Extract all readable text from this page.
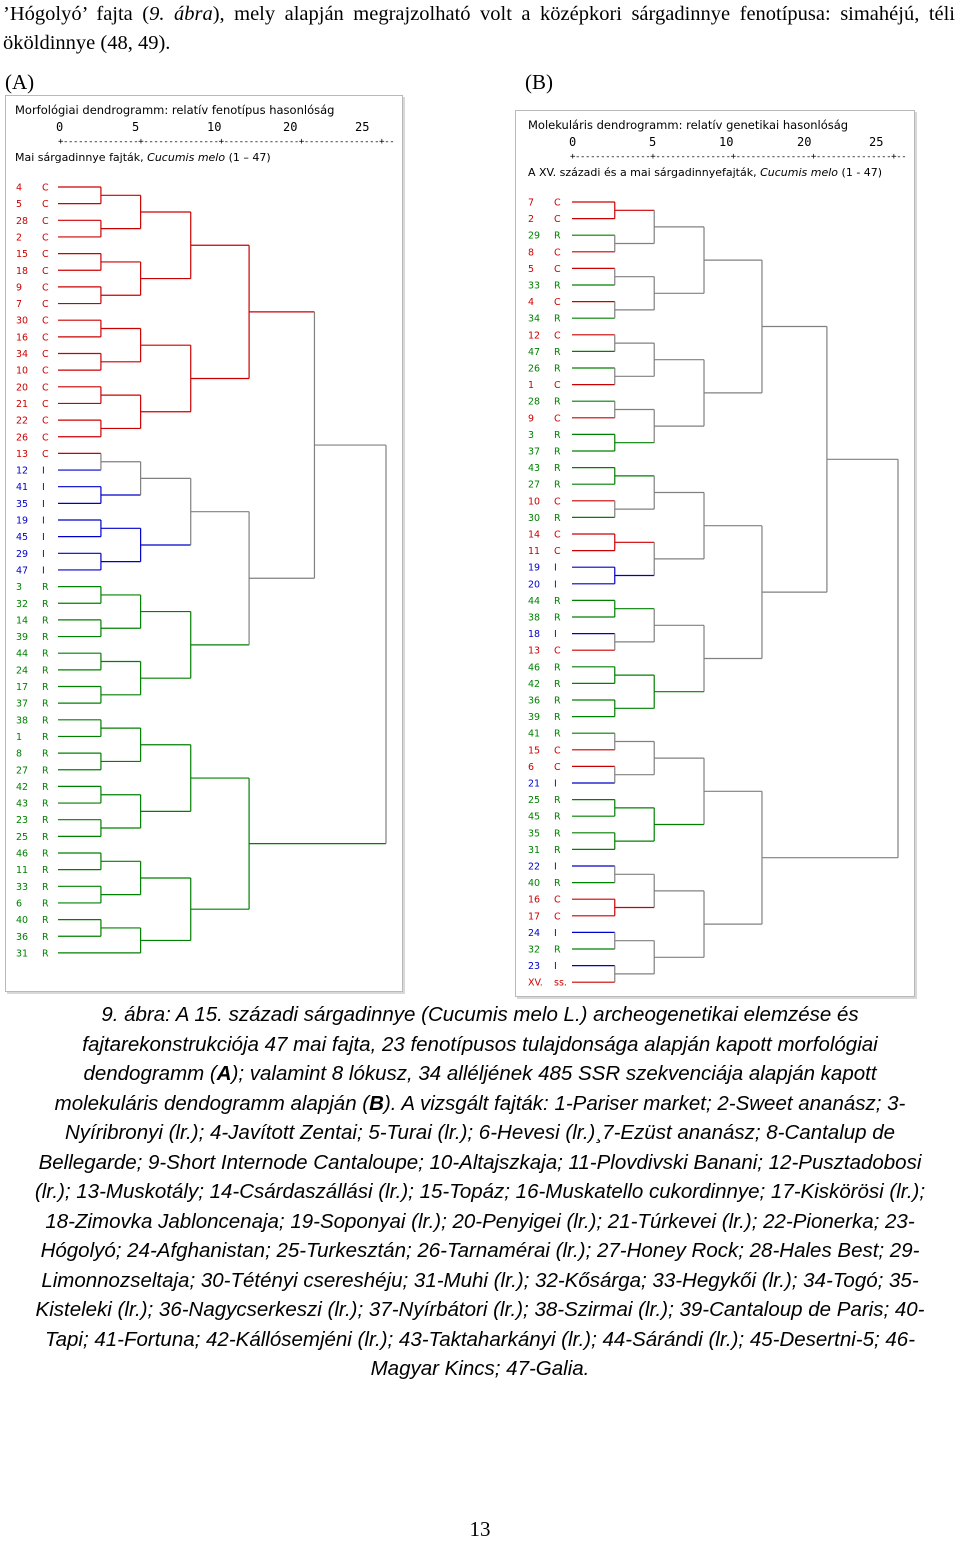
’Hógolyó’ fajta (9. ábra), mely alapján megrajzolható volt a középkori sárgadinnye fenotípusa: simahéjú, téli ököldinnye (48, 49).

(A)	(B)
Morfológiai dendrogramm: relatív fenotípus hasonlóság
0	5	10	20	25
+---------------+---------------+---------------+---------------+--
Mai sárgadinnye fajták, Cucumis melo (1 – 47)
4 C
5 C
28 C
2 C
15 C
18 C
9 C
7 C
30 C
16 C
34 C
10 C
20 C
21 C
22 C
26 C
13 C
12 I
41 I
35 I
19 I
45 I
29 I
47 I
3 R
32 R
14 R
39 R
44 R
24 R
17 R
37 R
38 R
1 R
8 R
27 R
42 R
43 R
23 R
25 R
46 R
11 R
33 R
6 R
40 R
36 R
31 R
Molekuláris dendrogramm: relatív genetikai hasonlóság
0	5	10	20	25
+---------------+---------------+---------------+---------------+--
A XV. századi és a mai sárgadinnyefajták, Cucumis melo (1 - 47)
7 C
2 C
29 R
8 C
5 C
33 R
4 C
34 R
12 C
47 R
26 R
1 C
28 R
9 C
3 R
37 R
43 R
27 R
10 C
30 R
14 C
11 C
19 I
20 I
44 R
38 R
18 I
13 C
46 R
42 R
36 R
39 R
41 R
15 C
6 C
21 I
25 R
45 R
35 R
31 R
22 I
40 R
16 C
17 C
24 I
32 R
23 I
XV. ss.

9. ábra: A 15. századi sárgadinnye (Cucumis melo L.) archeogenetikai elemzése és fajtarekonstrukciója 47 mai fajta, 23 fenotípusos tulajdonsága alapján kapott morfológiai dendogramm (A); valamint 8 lókusz, 34 alléljének 485 SSR szekvenciája alapján kapott molekuláris dendogramm alapján (B). A vizsgált fajták: 1-Pariser market; 2-Sweet ananász; 3-Nyíribronyi (lr.); 4-Javított Zentai; 5-Turai (lr.); 6-Hevesi (lr.)¸7-Ezüst ananász; 8-Cantalup de Bellegarde; 9-Short Internode Cantaloupe; 10-Altajszkaja; 11-Plovdivski Banani; 12-Pusztadobosi (lr.); 13-Muskotály; 14-Csárdaszállási (lr.); 15-Topáz; 16-Muskatello cukordinnye; 17-Kiskörösi (lr.); 18-Zimovka Jabloncenaja; 19-Soponyai (lr.); 20-Penyigei (lr.); 21-Túrkevei (lr.); 22-Pionerka; 23-Hógolyó; 24-Afghanistan; 25-Turkesztán; 26-Tarnamérai (lr.); 27-Honey Rock; 28-Hales Best; 29-Limonnozseltaja; 30-Tétényi csereshéju; 31-Muhi (lr.); 32-Kősárga; 33-Hegykői (lr.); 34-Togó; 35-Kisteleki (lr.); 36-Nagycserkeszi (lr.); 37-Nyírbátori (lr.); 38-Szirmai (lr.); 39-Cantaloup de Paris; 40-Tapi; 41-Fortuna; 42-Kállósemjéni (lr.); 43-Taktaharkányi (lr.); 44-Sárándi (lr.); 45-Desertni-5; 46-Magyar Kincs; 47-Galia.

13
